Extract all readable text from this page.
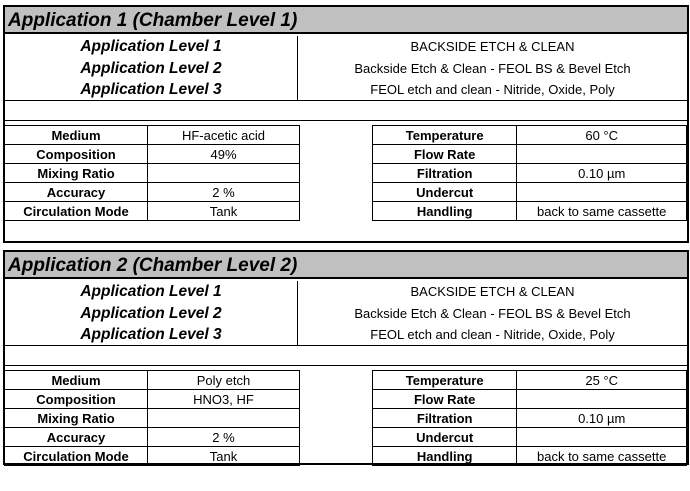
Application 1 (Chamber Level 1)
Application Level 1	BACKSIDE ETCH & CLEAN
Application Level 2	Backside Etch & Clean - FEOL BS & Bevel Etch
Application Level 3	FEOL etch and clean - Nitride, Oxide, Poly
Medium	HF-acetic acid
Composition	49%
Mixing Ratio	
Accuracy	2 %
Circulation Mode	Tank
Temperature	60 °C
Flow Rate	
Filtration	0.10 µm
Undercut	
Handling	back to same cassette
Application 2 (Chamber Level 2)
Application Level 1	BACKSIDE ETCH & CLEAN
Application Level 2	Backside Etch & Clean - FEOL BS & Bevel Etch
Application Level 3	FEOL etch and clean - Nitride, Oxide, Poly
Medium	Poly etch
Composition	HNO3, HF
Mixing Ratio	
Accuracy	2 %
Circulation Mode	Tank
Temperature	25 °C
Flow Rate	
Filtration	0.10 µm
Undercut	
Handling	back to same cassette
